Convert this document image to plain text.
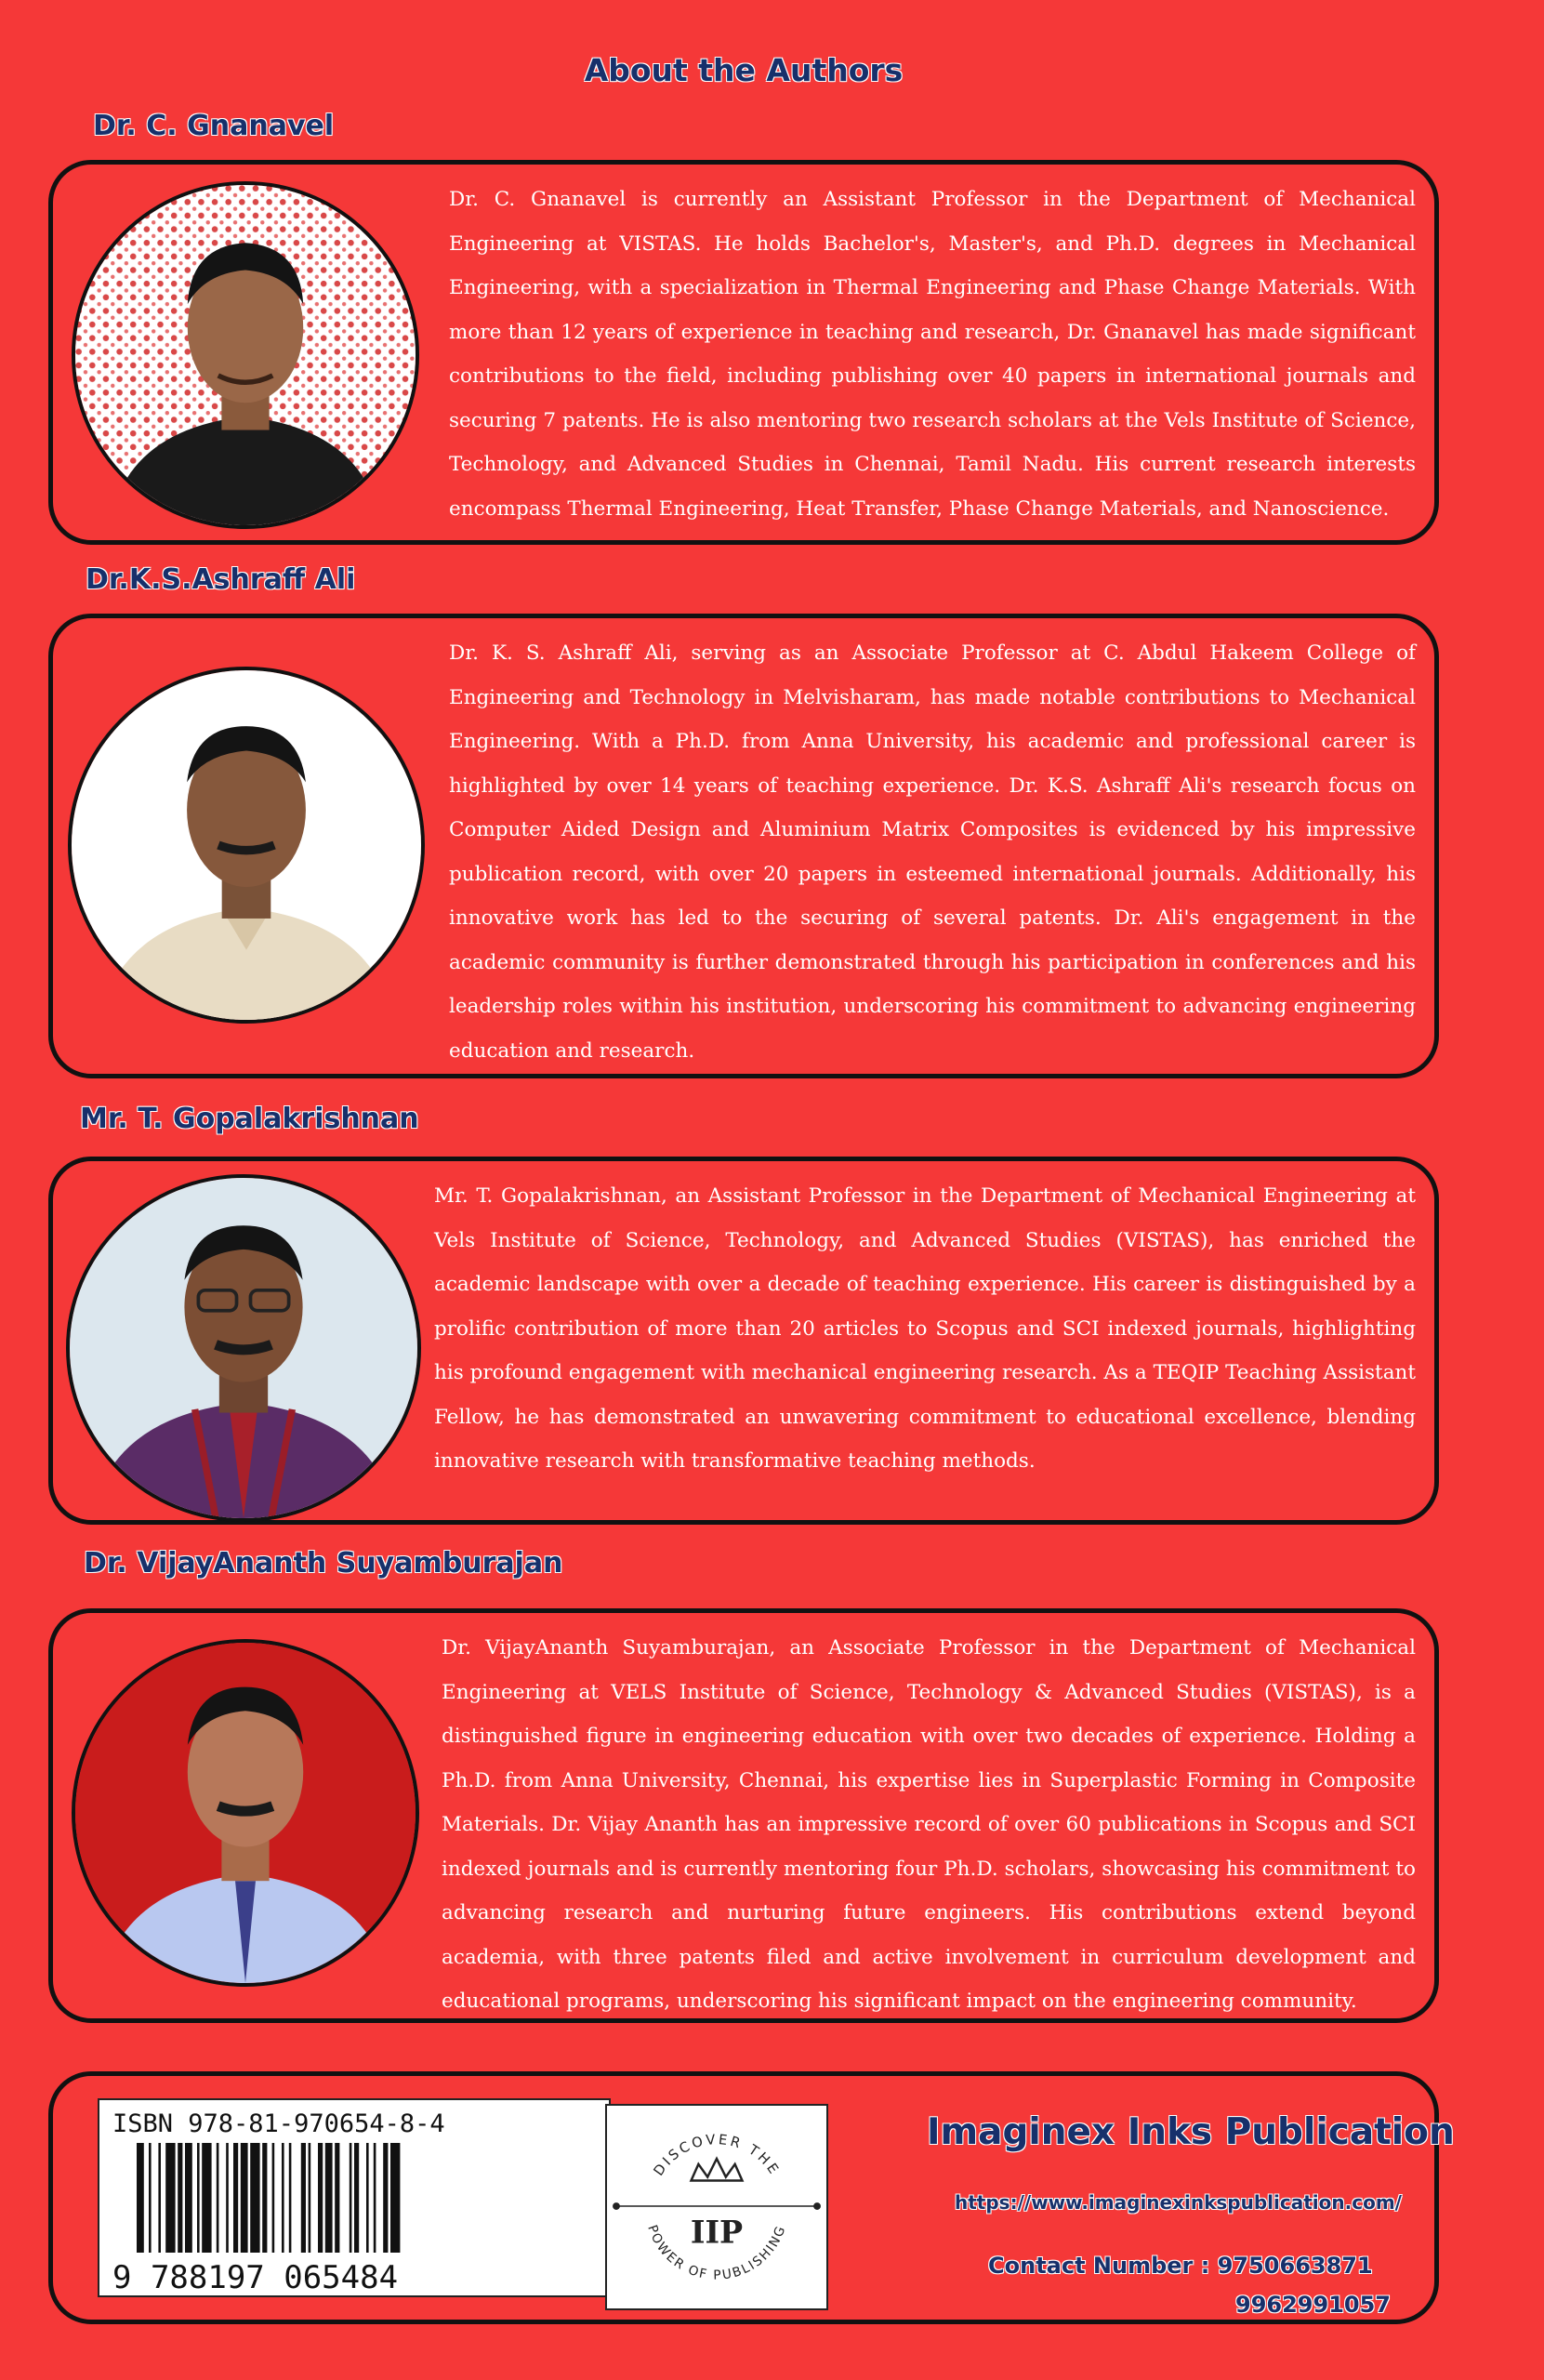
About the Authors
Dr. C. Gnanavel

Dr. C. Gnanavel is currently an Assistant Professor in the Department of Mechanical Engineering at VISTAS. He holds Bachelor's, Master's, and Ph.D. degrees in Mechanical Engineering, with a specialization in Thermal Engineering and Phase Change Materials. With more than 12 years of experience in teaching and research, Dr. Gnanavel has made significant contributions to the field, including publishing over 40 papers in international journals and securing 7 patents. He is also mentoring two research scholars at the Vels Institute of Science, Technology, and Advanced Studies in Chennai, Tamil Nadu. His current research interests encompass Thermal Engineering, Heat Transfer, Phase Change Materials, and Nanoscience.

Dr.K.S.Ashraff Ali

Dr. K. S. Ashraff Ali, serving as an Associate Professor at C. Abdul Hakeem College of Engineering and Technology in Melvisharam, has made notable contributions to Mechanical Engineering. With a Ph.D. from Anna University, his academic and professional career is highlighted by over 14 years of teaching experience. Dr. K.S. Ashraff Ali's research focus on Computer Aided Design and Aluminium Matrix Composites is evidenced by his impressive publication record, with over 20 papers in esteemed international journals. Additionally, his innovative work has led to the securing of several patents. Dr. Ali's engagement in the academic community is further demonstrated through his participation in conferences and his leadership roles within his institution, underscoring his commitment to advancing engineering education and research.

Mr. T. Gopalakrishnan

Mr. T. Gopalakrishnan, an Assistant Professor in the Department of Mechanical Engineering at Vels Institute of Science, Technology, and Advanced Studies (VISTAS), has enriched the academic landscape with over a decade of teaching experience. His career is distinguished by a prolific contribution of more than 20 articles to Scopus and SCI indexed journals, highlighting his profound engagement with mechanical engineering research. As a TEQIP Teaching Assistant Fellow, he has demonstrated an unwavering commitment to educational excellence, blending innovative research with transformative teaching methods.

Dr. VijayAnanth Suyamburajan

Dr. VijayAnanth Suyamburajan, an Associate Professor in the Department of Mechanical Engineering at VELS Institute of Science, Technology & Advanced Studies (VISTAS), is a distinguished figure in engineering education with over two decades of experience. Holding a Ph.D. from Anna University, Chennai, his expertise lies in Superplastic Forming in Composite Materials. Dr. Vijay Ananth has an impressive record of over 60 publications in Scopus and SCI indexed journals and is currently mentoring four Ph.D. scholars, showcasing his commitment to advancing research and nurturing future engineers. His contributions extend beyond academia, with three patents filed and active involvement in curriculum development and educational programs, underscoring his significant impact on the engineering community.

ISBN 978-81-970654-8-4
9 788197 065484
DISCOVER THE
POWER OF PUBLISHING
IIP
Imaginex Inks Publication
https://www.imaginexinkspublication.com/
Contact Number : 9750663871
9962991057
